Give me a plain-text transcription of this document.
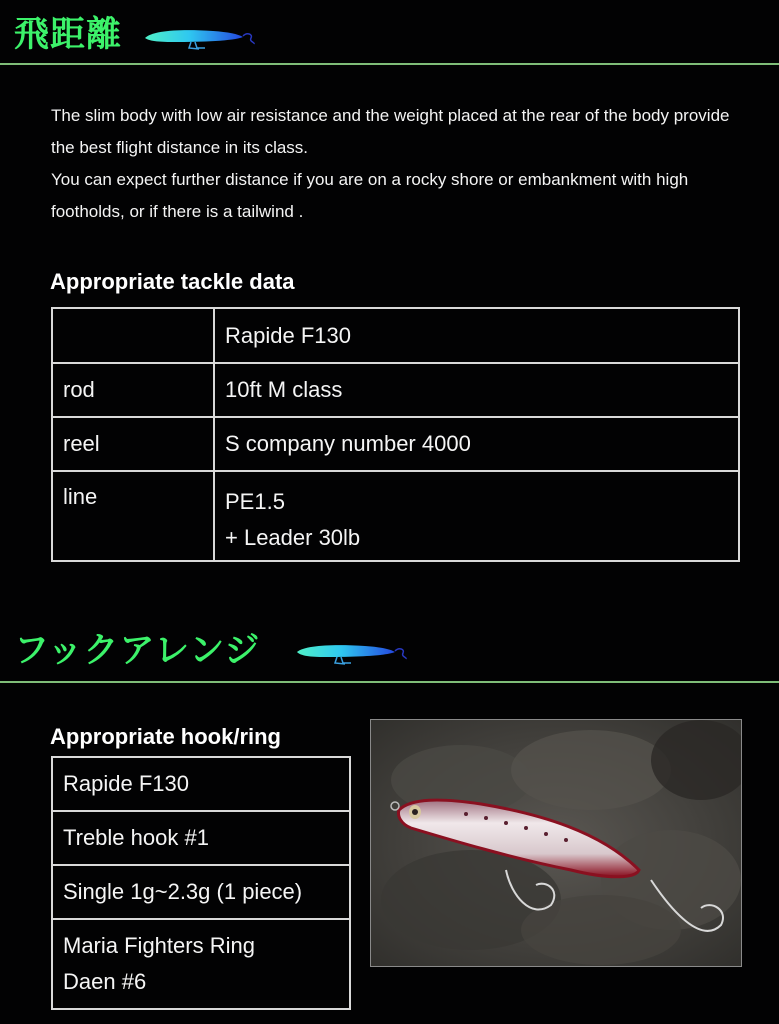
飛距離

The slim body with low air resistance and the weight placed at the rear of the body provide the best flight distance in its class.

You can expect further distance if you are on a rocky shore or embankment with high footholds, or if there is a tailwind .

Appropriate tackle data
	Rapide F130
rod	10ft M class
reel	S company number 4000
line	PE1.5
+ Leader 30lb
フックアレンジ
Appropriate hook/ring
Rapide F130
Treble hook #1
Single 1g~2.3g (1 piece)

Maria Fighters Ring
Daen #6
